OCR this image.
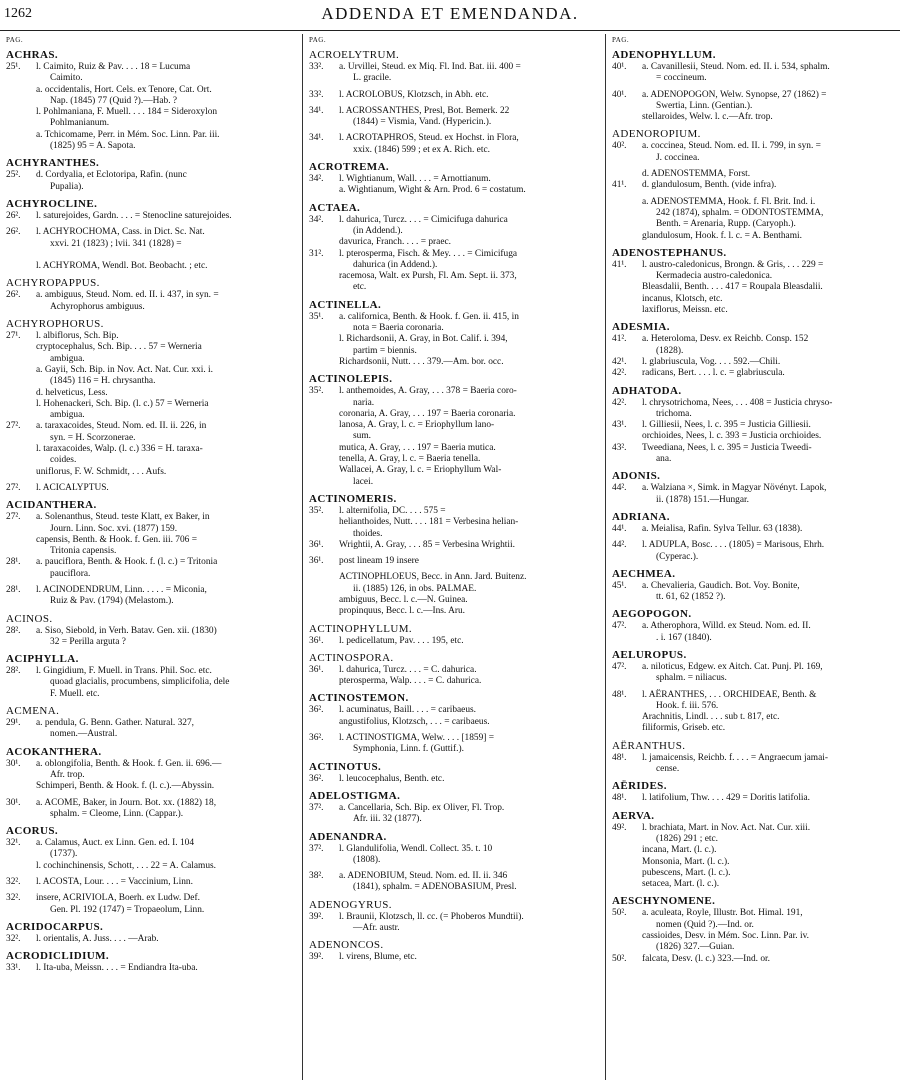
1262	ADDENDA ET EMENDANDA.
PAG.
ACHRAS.
25¹.	l. Caimito, Ruiz & Pav. . . . 18 = Lucuma
Caimito.
a. occidentalis, Hort. Cels. ex Tenore, Cat. Ort.
Nap. (1845) 77 (Quid ?).—Hab. ?
l. Pohlmaniana, F. Muell. . . . 184 = Sideroxylon
Pohlmanianum.
a. Tchicomame, Perr. in Mém. Soc. Linn. Par. iii.
(1825) 95 = A. Sapota.
ACHYRANTHES.
25².	d. Cordyalia, et Eclotoripa, Rafin. (nunc
Pupalia).
ACHYROCLINE.
26².	l. saturejoides, Gardn. . . . = Stenocline saturejoides.
26².	l. ACHYROCHOMA, Cass. in Dict. Sc. Nat.
xxvi. 21 (1823) ; lvii. 341 (1828) =

l. ACHYROMA, Wendl. Bot. Beobacht. ; etc.
ACHYROPAPPUS.
26².	a. ambiguus, Steud. Nom. ed. II. i. 437, in syn. =
Achyrophorus ambiguus.
ACHYROPHORUS.
27¹.	l. albiflorus, Sch. Bip.
cryptocephalus, Sch. Bip. . . . 57 = Werneria
ambigua.
a. Gayii, Sch. Bip. in Nov. Act. Nat. Cur. xxi. i.
(1845) 116 = H. chrysantha.
d. helveticus, Less.
l. Hohenackeri, Sch. Bip. (l. c.) 57 = Werneria
ambigua.
27².	a. taraxacoides, Steud. Nom. ed. II. ii. 226, in
syn. = H. Scorzonerae.
l. taraxacoides, Walp. (l. c.) 336 = H. taraxa-
coides.
uniflorus, F. W. Schmidt, . . . Aufs.
27².	l. ACICALYPTUS.
ACIDANTHERA.
27².	a. Solenanthus, Steud. teste Klatt, ex Baker, in
Journ. Linn. Soc. xvi. (1877) 159.
capensis, Benth. & Hook. f. Gen. iii. 706 =
Tritonia capensis.
28¹.	a. pauciflora, Benth. & Hook. f. (l. c.) = Tritonia
pauciflora.
28¹.	l. ACINODENDRUM, Linn. . . . . = Miconia,
Ruiz & Pav. (1794) (Melastom.).
ACINOS.
28².	a. Siso, Siebold, in Verh. Batav. Gen. xii. (1830)
32 = Perilla arguta ?
ACIPHYLLA.
28².	l. Gingidium, F. Muell. in Trans. Phil. Soc. etc.
quoad glacialis, procumbens, simplicifolia, dele
F. Muell. etc.
ACMENA.
29¹.	a. pendula, G. Benn. Gather. Natural. 327,
nomen.—Austral.
ACOKANTHERA.
30¹.	a. oblongifolia, Benth. & Hook. f. Gen. ii. 696.—
Afr. trop.
Schimperi, Benth. & Hook. f. (l. c.).—Abyssin.
30¹.	a. ACOME, Baker, in Journ. Bot. xx. (1882) 18,
sphalm. = Cleome, Linn. (Cappar.).
ACORUS.
32¹.	a. Calamus, Auct. ex Linn. Gen. ed. I. 104
(1737).
l. cochinchinensis, Schott, . . . 22 = A. Calamus.
32².	l. ACOSTA, Lour. . . . = Vaccinium, Linn.
32².	insere, ACRIVIOLA, Boerh. ex Ludw. Def.
Gen. Pl. 192 (1747) = Tropaeolum, Linn.
ACRIDOCARPUS.
32².	l. orientalis, A. Juss. . . . —Arab.
ACRODICLIDIUM.
33¹.	l. Ita-uba, Meissn. . . . = Endiandra Ita-uba.
PAG.
ACROELYTRUM.
33².	a. Urvillei, Steud. ex Miq. Fl. Ind. Bat. iii. 400 =
L. gracile.
33².	l. ACROLOBUS, Klotzsch, in Abh. etc.
34¹.	l. ACROSSANTHES, Presl, Bot. Bemerk. 22
(1844) = Vismia, Vand. (Hypericin.).
34¹.	l. ACROTAPHROS, Steud. ex Hochst. in Flora,
xxix. (1846) 599 ; et ex A. Rich. etc.
ACROTREMA.
34².	l. Wightianum, Wall. . . . = Arnottianum.
a. Wightianum, Wight & Arn. Prod. 6 = costatum.
ACTAEA.
34².	l. dahurica, Turcz. . . . = Cimicifuga dahurica
(in Addend.).
davurica, Franch. . . . = praec.
31².	l. pterosperma, Fisch. & Mey. . . . = Cimicifuga
dahurica (in Addend.).
racemosa, Walt. ex Pursh, Fl. Am. Sept. ii. 373,
etc.
ACTINELLA.
35¹.	a. californica, Benth. & Hook. f. Gen. ii. 415, in
nota = Baeria coronaria.
l. Richardsonii, A. Gray, in Bot. Calif. i. 394,
partim = biennis.
Richardsonii, Nutt. . . . 379.—Am. bor. occ.
ACTINOLEPIS.
35².	l. anthemoides, A. Gray, . . . 378 = Baeria coro-
naria.
coronaria, A. Gray, . . . 197 = Baeria coronaria.
lanosa, A. Gray, l. c. = Eriophyllum lano-
sum.
mutica, A. Gray, . . . 197 = Baeria mutica.
tenella, A. Gray, l. c. = Baeria tenella.
Wallacei, A. Gray, l. c. = Eriophyllum Wal-
lacei.
ACTINOMERIS.
35².	l. alternifolia, DC. . . . 575 =
helianthoides, Nutt. . . . 181 = Verbesina helian-
thoides.
36¹.	Wrightii, A. Gray, . . . 85 = Verbesina Wrightii.
36¹.	post lineam 19 insere
ACTINOPHLOEUS, Becc. in Ann. Jard. Buitenz.
ii. (1885) 126, in obs. PALMAE.
ambiguus, Becc. l. c.—N. Guinea.
propinquus, Becc. l. c.—Ins. Aru.
ACTINOPHYLLUM.
36¹.	l. pedicellatum, Pav. . . . 195, etc.
ACTINOSPORA.
36¹.	l. dahurica, Turcz. . . . = C. dahurica.
pterosperma, Walp. . . . = C. dahurica.
ACTINOSTEMON.
36².	l. acuminatus, Baill. . . . = caribaeus.
angustifolius, Klotzsch, . . . = caribaeus.
36².	l. ACTINOSTIGMA, Welw. . . . [1859] =
Symphonia, Linn. f. (Guttif.).
ACTINOTUS.
36².	l. leucocephalus, Benth. etc.
ADELOSTIGMA.
37².	a. Cancellaria, Sch. Bip. ex Oliver, Fl. Trop.
Afr. iii. 32 (1877).
ADENANDRA.
37².	l. Glandulifolia, Wendl. Collect. 35. t. 10
(1808).
38².	a. ADENOBIUM, Steud. Nom. ed. II. ii. 346
(1841), sphalm. = ADENOBASIUM, Presl.
ADENOGYRUS.
39².	l. Braunii, Klotzsch, ll. cc. (= Phoberos Mundtii).
—Afr. austr.
ADENONCOS.
39².	l. virens, Blume, etc.
PAG.
ADENOPHYLLUM.
40¹.	a. Cavanillesii, Steud. Nom. ed. II. i. 534, sphalm.
= coccineum.
40¹.	a. ADENOPOGON, Welw. Synopse, 27 (1862) =
Swertia, Linn. (Gentian.).
stellaroides, Welw. l. c.—Afr. trop.
ADENOROPIUM.
40².	a. coccinea, Steud. Nom. ed. II. i. 799, in syn. =
J. coccinea.
d. ADENOSTEMMA, Forst.
41¹.	d. glandulosum, Benth. (vide infra).
a. ADENOSTEMMA, Hook. f. Fl. Brit. Ind. i.
242 (1874), sphalm. = ODONTOSTEMMA,
Benth. = Arenaria, Rupp. (Caryoph.).
glandulosum, Hook. f. l. c. = A. Benthami.
ADENOSTEPHANUS.
41¹.	l. austro-caledonicus, Brongn. & Gris, . . . 229 =
Kermadecia austro-caledonica.
Bleasdalii, Benth. . . . 417 = Roupala Bleasdalii.
incanus, Klotsch, etc.
laxiflorus, Meissn. etc.
ADESMIA.
41².	a. Heteroloma, Desv. ex Reichb. Consp. 152
(1828).
42¹.	l. glabriuscula, Vog. . . . 592.—Chili.
42².	radicans, Bert. . . . l. c. = glabriuscula.
ADHATODA.
42².	l. chrysotrichoma, Nees, . . . 408 = Justicia chryso-
trichoma.
43¹.	l. Gilliesii, Nees, l. c. 395 = Justicia Gilliesii.
orchioides, Nees, l. c. 393 = Justicia orchioides.
43².	Tweediana, Nees, l. c. 395 = Justicia Tweedi-
ana.
ADONIS.
44².	a. Walziana ×, Simk. in Magyar Növényt. Lapok,
ii. (1878) 151.—Hungar.
ADRIANA.
44¹.	a. Meialisa, Rafin. Sylva Tellur. 63 (1838).
44².	l. ADUPLA, Bosc. . . . (1805) = Marisous, Ehrh.
(Cyperac.).
AECHMEA.
45¹.	a. Chevalieria, Gaudich. Bot. Voy. Bonite,
tt. 61, 62 (1852 ?).
AEGOPOGON.
47².	a. Atherophora, Willd. ex Steud. Nom. ed. II.
. i. 167 (1840).
AELUROPUS.
47².	a. niloticus, Edgew. ex Aitch. Cat. Punj. Pl. 169,
sphalm. = niliacus.
48¹.	l. AËRANTHES, . . . ORCHIDEAE, Benth. &
Hook. f. iii. 576.
Arachnitis, Lindl. . . . sub t. 817, etc.
filiformis, Griseb. etc.
AËRANTHUS.
48¹.	l. jamaicensis, Reichb. f. . . . = Angraecum jamai-
cense.
AËRIDES.
48¹.	l. latifolium, Thw. . . . 429 = Doritis latifolia.
AERVA.
49².	l. brachiata, Mart. in Nov. Act. Nat. Cur. xiii.
(1826) 291 ; etc.
incana, Mart. (l. c.).
Monsonia, Mart. (l. c.).
pubescens, Mart. (l. c.).
setacea, Mart. (l. c.).
AESCHYNOMENE.
50².	a. aculeata, Royle, Illustr. Bot. Himal. 191,
nomen (Quid ?).—Ind. or.
cassioides, Desv. in Mém. Soc. Linn. Par. iv.
(1826) 327.—Guian.
50².	falcata, Desv. (l. c.) 323.—Ind. or.
